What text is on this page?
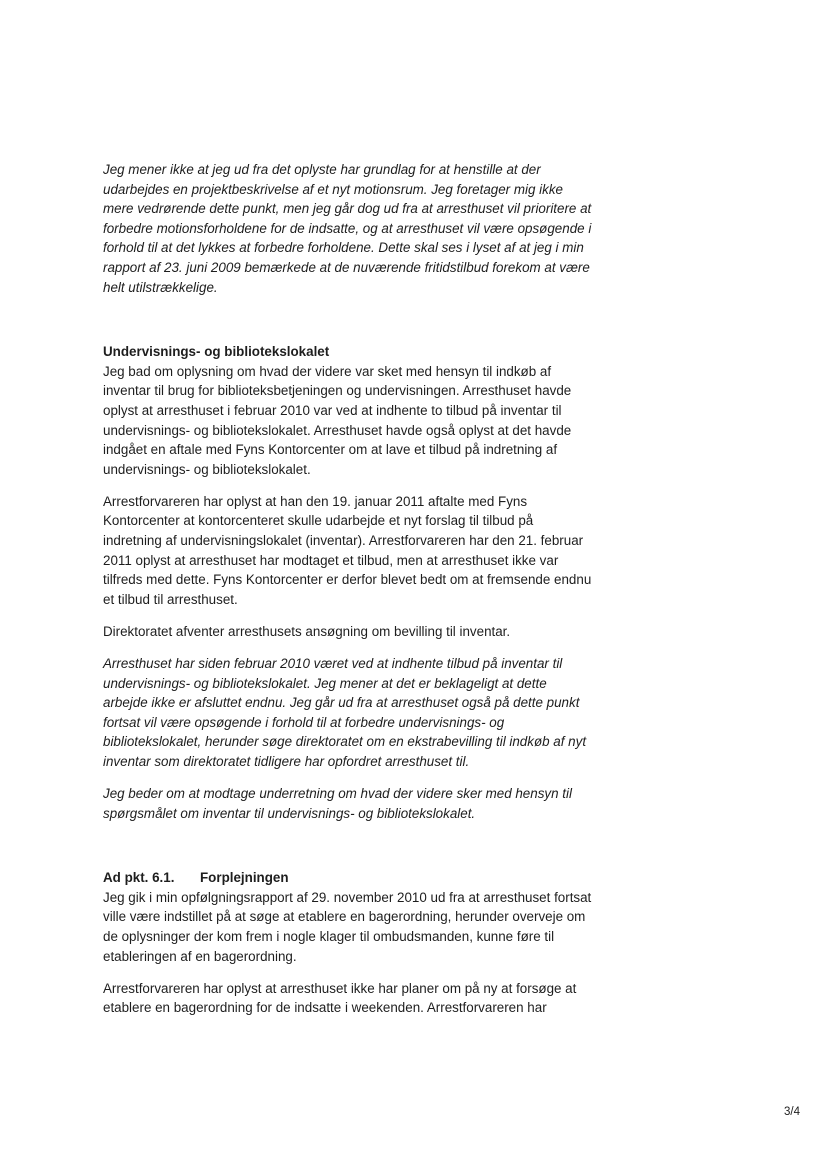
Jeg mener ikke at jeg ud fra det oplyste har grundlag for at henstille at der udarbejdes en projektbeskrivelse af et nyt motionsrum. Jeg foretager mig ikke mere vedrørende dette punkt, men jeg går dog ud fra at arresthuset vil prioritere at forbedre motionsforholdene for de indsatte, og at arresthuset vil være opsøgende i forhold til at det lykkes at forbedre forholdene. Dette skal ses i lyset af at jeg i min rapport af 23. juni 2009 bemærkede at de nuværende fritidstilbud forekom at være helt utilstrækkelige.

Undervisnings- og bibliotekslokalet

Jeg bad om oplysning om hvad der videre var sket med hensyn til indkøb af inventar til brug for biblioteksbetjeningen og undervisningen. Arresthuset havde oplyst at arresthuset i februar 2010 var ved at indhente to tilbud på inventar til undervisnings- og bibliotekslokalet. Arresthuset havde også oplyst at det havde indgået en aftale med Fyns Kontorcenter om at lave et tilbud på indretning af undervisnings- og bibliotekslokalet.

Arrestforvareren har oplyst at han den 19. januar 2011 aftalte med Fyns Kontorcenter at kontorcenteret skulle udarbejde et nyt forslag til tilbud på indretning af undervisningslokalet (inventar). Arrestforvareren har den 21. februar 2011 oplyst at arresthuset har modtaget et tilbud, men at arresthuset ikke var tilfreds med dette. Fyns Kontorcenter er derfor blevet bedt om at fremsende endnu et tilbud til arresthuset.

Direktoratet afventer arresthusets ansøgning om bevilling til inventar.

Arresthuset har siden februar 2010 været ved at indhente tilbud på inventar til undervisnings- og bibliotekslokalet. Jeg mener at det er beklageligt at dette arbejde ikke er afsluttet endnu. Jeg går ud fra at arresthuset også på dette punkt fortsat vil være opsøgende i forhold til at forbedre undervisnings- og bibliotekslokalet, herunder søge direktoratet om en ekstrabevilling til indkøb af nyt inventar som direktoratet tidligere har opfordret arresthuset til.

Jeg beder om at modtage underretning om hvad der videre sker med hensyn til spørgsmålet om inventar til undervisnings- og bibliotekslokalet.

Ad pkt. 6.1. Forplejningen

Jeg gik i min opfølgningsrapport af 29. november 2010 ud fra at arresthuset fortsat ville være indstillet på at søge at etablere en bagerordning, herunder overveje om de oplysninger der kom frem i nogle klager til ombudsmanden, kunne føre til etableringen af en bagerordning.

Arrestforvareren har oplyst at arresthuset ikke har planer om på ny at forsøge at etablere en bagerordning for de indsatte i weekenden. Arrestforvareren har

3/4
